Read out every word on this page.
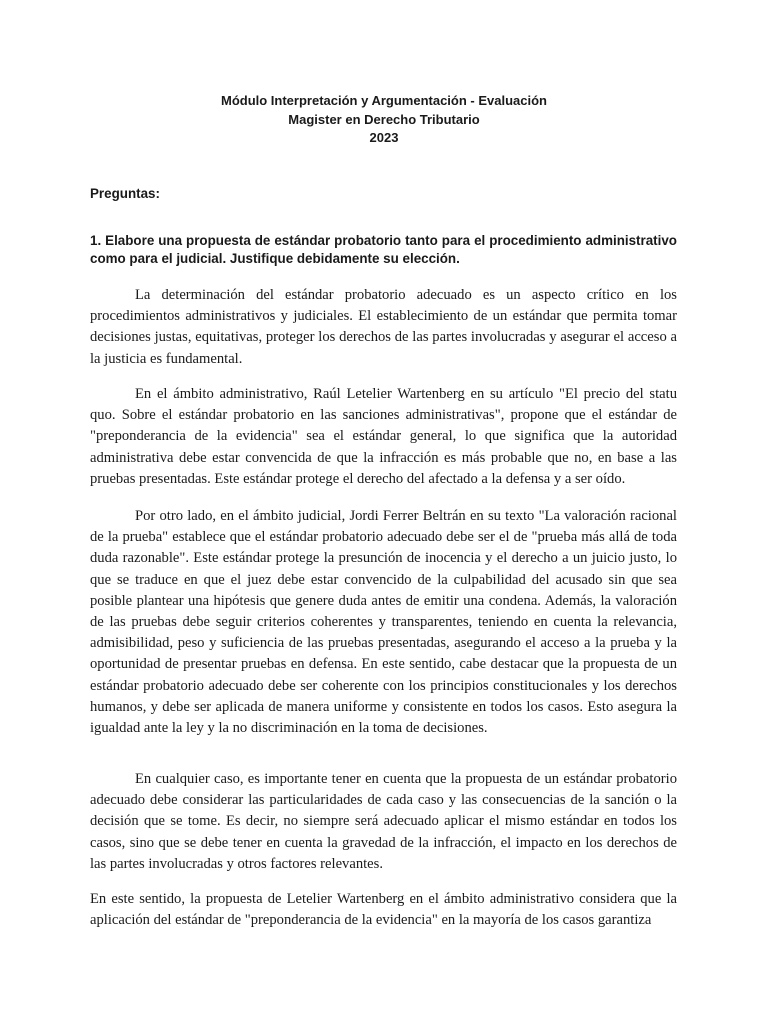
Módulo Interpretación y Argumentación - Evaluación
Magister en Derecho Tributario
2023
Preguntas:
1. Elabore una propuesta de estándar probatorio tanto para el procedimiento administrativo como para el judicial. Justifique debidamente su elección.

La determinación del estándar probatorio adecuado es un aspecto crítico en los procedimientos administrativos y judiciales. El establecimiento de un estándar que permita tomar decisiones justas, equitativas, proteger los derechos de las partes involucradas y asegurar el acceso a la justicia es fundamental.

En el ámbito administrativo, Raúl Letelier Wartenberg en su artículo "El precio del statu quo. Sobre el estándar probatorio en las sanciones administrativas", propone que el estándar de "preponderancia de la evidencia" sea el estándar general, lo que significa que la autoridad administrativa debe estar convencida de que la infracción es más probable que no, en base a las pruebas presentadas. Este estándar protege el derecho del afectado a la defensa y a ser oído.

Por otro lado, en el ámbito judicial, Jordi Ferrer Beltrán en su texto "La valoración racional de la prueba" establece que el estándar probatorio adecuado debe ser el de "prueba más allá de toda duda razonable". Este estándar protege la presunción de inocencia y el derecho a un juicio justo, lo que se traduce en que el juez debe estar convencido de la culpabilidad del acusado sin que sea posible plantear una hipótesis que genere duda antes de emitir una condena. Además, la valoración de las pruebas debe seguir criterios coherentes y transparentes, teniendo en cuenta la relevancia, admisibilidad, peso y suficiencia de las pruebas presentadas, asegurando el acceso a la prueba y la oportunidad de presentar pruebas en defensa. En este sentido, cabe destacar que la propuesta de un estándar probatorio adecuado debe ser coherente con los principios constitucionales y los derechos humanos, y debe ser aplicada de manera uniforme y consistente en todos los casos. Esto asegura la igualdad ante la ley y la no discriminación en la toma de decisiones.

En cualquier caso, es importante tener en cuenta que la propuesta de un estándar probatorio adecuado debe considerar las particularidades de cada caso y las consecuencias de la sanción o la decisión que se tome. Es decir, no siempre será adecuado aplicar el mismo estándar en todos los casos, sino que se debe tener en cuenta la gravedad de la infracción, el impacto en los derechos de las partes involucradas y otros factores relevantes.

En este sentido, la propuesta de Letelier Wartenberg en el ámbito administrativo considera que la aplicación del estándar de "preponderancia de la evidencia" en la mayoría de los casos garantiza
